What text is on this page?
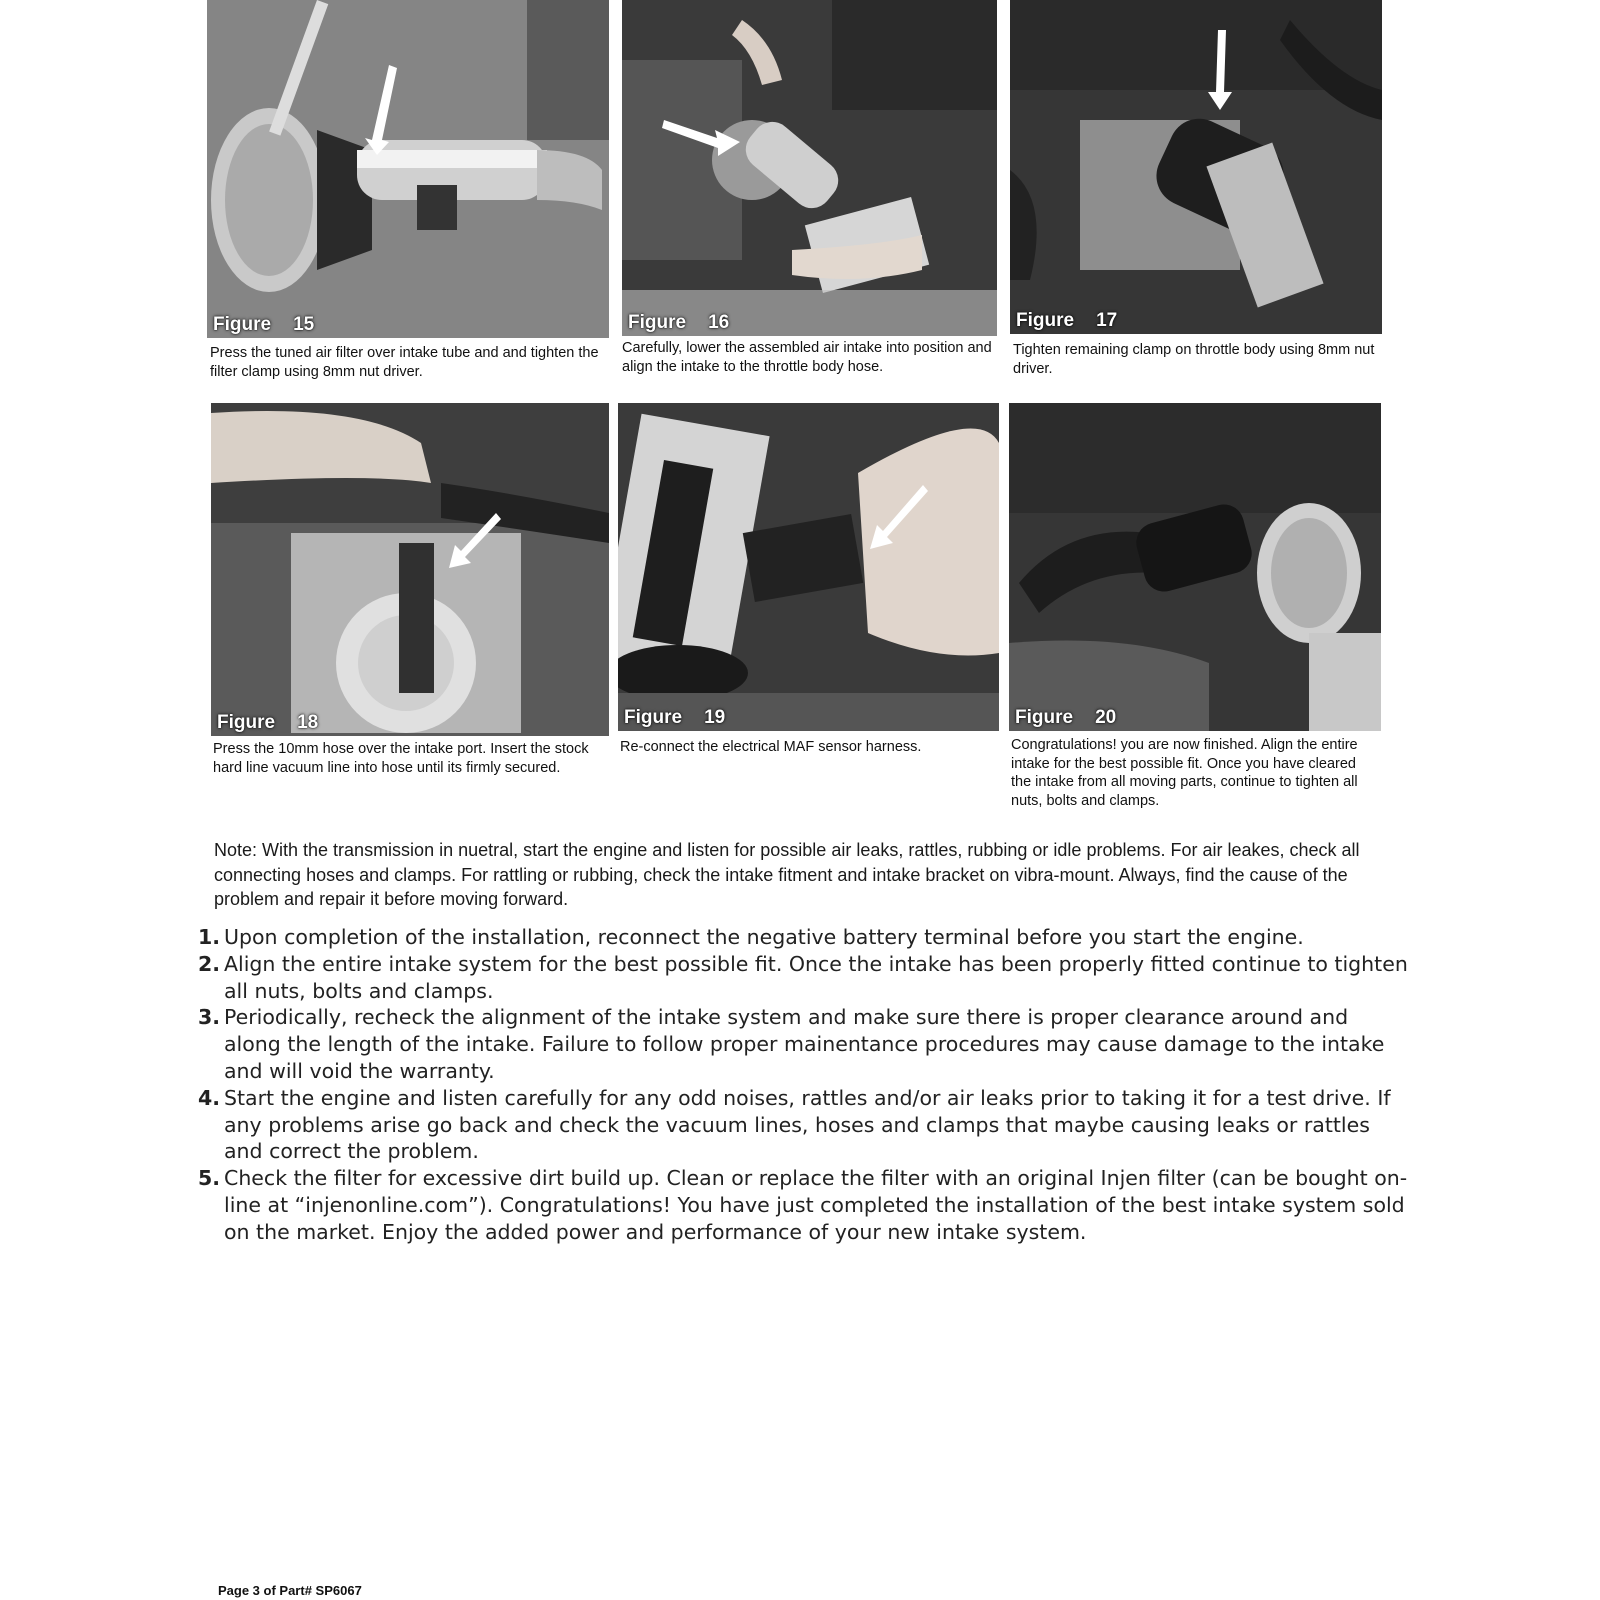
Figure 15
Press the tuned air filter over intake tube and and tighten the filter clamp using 8mm nut driver.
Figure 16
Carefully, lower the assembled air intake into position and align the intake to the throttle body hose.
Figure 17
Tighten remaining clamp on throttle body using 8mm nut driver.
Figure 18
Press the 10mm hose over the intake port. Insert the stock hard line vacuum line into hose until its firmly secured.
Figure 19
Re-connect the electrical MAF sensor harness.
Figure 20
Congratulations! you are now finished. Align the entire intake for the best possible fit. Once you have cleared the intake from all moving parts, continue to tighten all nuts, bolts and clamps.
Note: With the transmission in nuetral, start the engine and listen for possible air leaks, rattles, rubbing or idle problems. For air leakes, check all connecting hoses and clamps. For rattling or rubbing, check the intake fitment and intake bracket on vibra-mount. Always, find the cause of the problem and repair it before moving forward.
1. Upon completion of the installation, reconnect the negative battery terminal before you start the engine.
2. Align the entire intake system for the best possible fit. Once the intake has been properly fitted continue to tighten all nuts, bolts and clamps.
3. Periodically, recheck the alignment of the intake system and make sure there is proper clearance around and along the length of the intake. Failure to follow proper mainentance procedures may cause damage to the intake and will void the warranty.
4. Start the engine and listen carefully for any odd noises, rattles and/or air leaks prior to taking it for a test drive. If any problems arise go back and check the vacuum lines, hoses and clamps that maybe causing leaks or rattles and correct the problem.
5. Check the filter for excessive dirt build up. Clean or replace the filter with an original Injen filter (can be bought on-line at “injenonline.com”). Congratulations! You have just completed the installation of the best intake system sold on the market. Enjoy the added power and performance of your new intake system.
Page 3 of Part# SP6067
